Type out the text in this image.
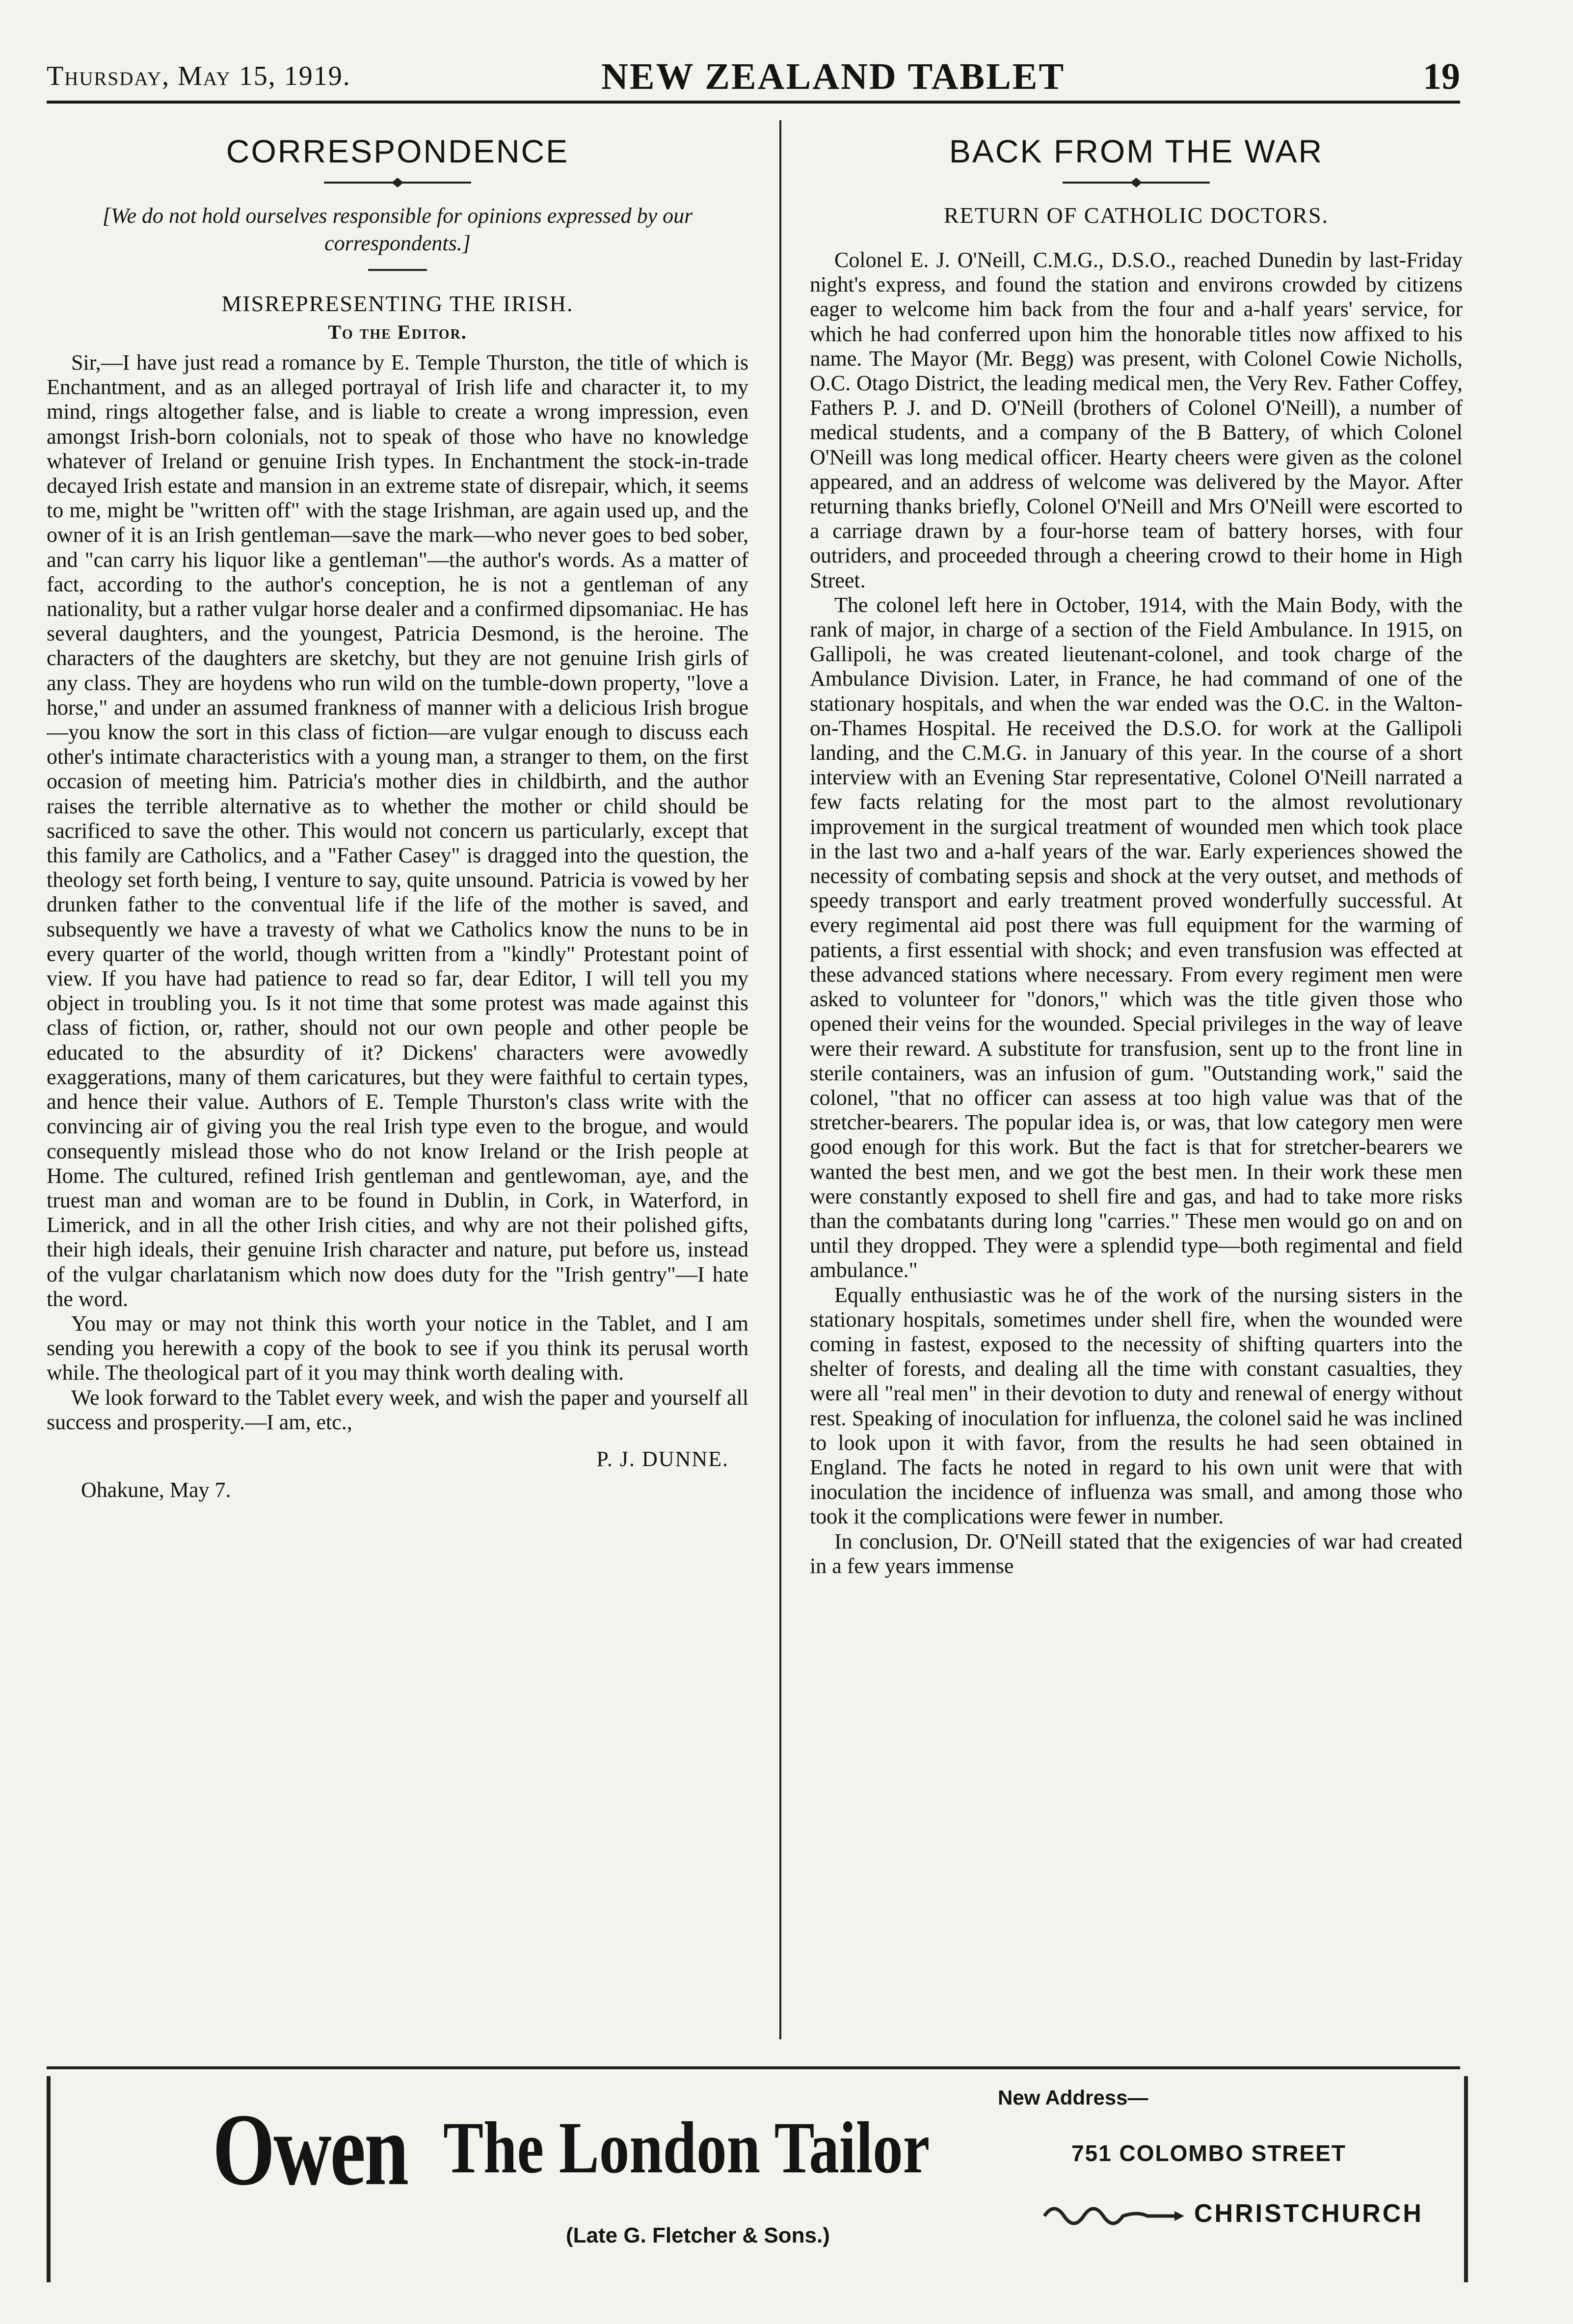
Thursday, May 15, 1919.	NEW ZEALAND TABLET	19
CORRESPONDENCE
[We do not hold ourselves responsible for opinions expressed by our correspondents.]
MISREPRESENTING THE IRISH.
To the Editor.

Sir,—I have just read a romance by E. Temple Thurston, the title of which is Enchantment, and as an alleged portrayal of Irish life and character it, to my mind, rings altogether false, and is liable to create a wrong impression, even amongst Irish-born colonials, not to speak of those who have no knowledge whatever of Ireland or genuine Irish types. In Enchantment the stock-in-trade decayed Irish estate and mansion in an extreme state of disrepair, which, it seems to me, might be "written off" with the stage Irishman, are again used up, and the owner of it is an Irish gentleman—save the mark—who never goes to bed sober, and "can carry his liquor like a gentleman"—the author's words. As a matter of fact, according to the author's conception, he is not a gentleman of any nationality, but a rather vulgar horse dealer and a confirmed dipsomaniac. He has several daughters, and the youngest, Patricia Desmond, is the heroine. The characters of the daughters are sketchy, but they are not genuine Irish girls of any class. They are hoydens who run wild on the tumble-down property, "love a horse," and under an assumed frankness of manner with a delicious Irish brogue—you know the sort in this class of fiction—are vulgar enough to discuss each other's intimate characteristics with a young man, a stranger to them, on the first occasion of meeting him. Patricia's mother dies in childbirth, and the author raises the terrible alternative as to whether the mother or child should be sacrificed to save the other. This would not concern us particularly, except that this family are Catholics, and a "Father Casey" is dragged into the question, the theology set forth being, I venture to say, quite unsound. Patricia is vowed by her drunken father to the conventual life if the life of the mother is saved, and subsequently we have a travesty of what we Catholics know the nuns to be in every quarter of the world, though written from a "kindly" Protestant point of view. If you have had patience to read so far, dear Editor, I will tell you my object in troubling you. Is it not time that some protest was made against this class of fiction, or, rather, should not our own people and other people be educated to the absurdity of it? Dickens' characters were avowedly exaggerations, many of them caricatures, but they were faithful to certain types, and hence their value. Authors of E. Temple Thurston's class write with the convincing air of giving you the real Irish type even to the brogue, and would consequently mislead those who do not know Ireland or the Irish people at Home. The cultured, refined Irish gentleman and gentlewoman, aye, and the truest man and woman are to be found in Dublin, in Cork, in Waterford, in Limerick, and in all the other Irish cities, and why are not their polished gifts, their high ideals, their genuine Irish character and nature, put before us, instead of the vulgar charlatanism which now does duty for the "Irish gentry"—I hate the word.

You may or may not think this worth your notice in the Tablet, and I am sending you herewith a copy of the book to see if you think its perusal worth while. The theological part of it you may think worth dealing with.

We look forward to the Tablet every week, and wish the paper and yourself all success and prosperity.—I am, etc.,

P. J. DUNNE.
Ohakune, May 7.
BACK FROM THE WAR
RETURN OF CATHOLIC DOCTORS.

Colonel E. J. O'Neill, C.M.G., D.S.O., reached Dunedin by last-Friday night's express, and found the station and environs crowded by citizens eager to welcome him back from the four and a-half years' service, for which he had conferred upon him the honorable titles now affixed to his name. The Mayor (Mr. Begg) was present, with Colonel Cowie Nicholls, O.C. Otago District, the leading medical men, the Very Rev. Father Coffey, Fathers P. J. and D. O'Neill (brothers of Colonel O'Neill), a number of medical students, and a company of the B Battery, of which Colonel O'Neill was long medical officer. Hearty cheers were given as the colonel appeared, and an address of welcome was delivered by the Mayor. After returning thanks briefly, Colonel O'Neill and Mrs O'Neill were escorted to a carriage drawn by a four-horse team of battery horses, with four outriders, and proceeded through a cheering crowd to their home in High Street.

The colonel left here in October, 1914, with the Main Body, with the rank of major, in charge of a section of the Field Ambulance. In 1915, on Gallipoli, he was created lieutenant-colonel, and took charge of the Ambulance Division. Later, in France, he had command of one of the stationary hospitals, and when the war ended was the O.C. in the Walton-on-Thames Hospital. He received the D.S.O. for work at the Gallipoli landing, and the C.M.G. in January of this year. In the course of a short interview with an Evening Star representative, Colonel O'Neill narrated a few facts relating for the most part to the almost revolutionary improvement in the surgical treatment of wounded men which took place in the last two and a-half years of the war. Early experiences showed the necessity of combating sepsis and shock at the very outset, and methods of speedy transport and early treatment proved wonderfully successful. At every regimental aid post there was full equipment for the warming of patients, a first essential with shock; and even transfusion was effected at these advanced stations where necessary. From every regiment men were asked to volunteer for "donors," which was the title given those who opened their veins for the wounded. Special privileges in the way of leave were their reward. A substitute for transfusion, sent up to the front line in sterile containers, was an infusion of gum. "Outstanding work," said the colonel, "that no officer can assess at too high value was that of the stretcher-bearers. The popular idea is, or was, that low category men were good enough for this work. But the fact is that for stretcher-bearers we wanted the best men, and we got the best men. In their work these men were constantly exposed to shell fire and gas, and had to take more risks than the combatants during long "carries." These men would go on and on until they dropped. They were a splendid type—both regimental and field ambulance."

Equally enthusiastic was he of the work of the nursing sisters in the stationary hospitals, sometimes under shell fire, when the wounded were coming in fastest, exposed to the necessity of shifting quarters into the shelter of forests, and dealing all the time with constant casualties, they were all "real men" in their devotion to duty and renewal of energy without rest. Speaking of inoculation for influenza, the colonel said he was inclined to look upon it with favor, from the results he had seen obtained in England. The facts he noted in regard to his own unit were that with inoculation the incidence of influenza was small, and among those who took it the complications were fewer in number.

In conclusion, Dr. O'Neill stated that the exigencies of war had created in a few years immense

Owen The London Tailor
(Late G. Fletcher & Sons.)
New Address—
751 COLOMBO STREET
CHRISTCHURCH
